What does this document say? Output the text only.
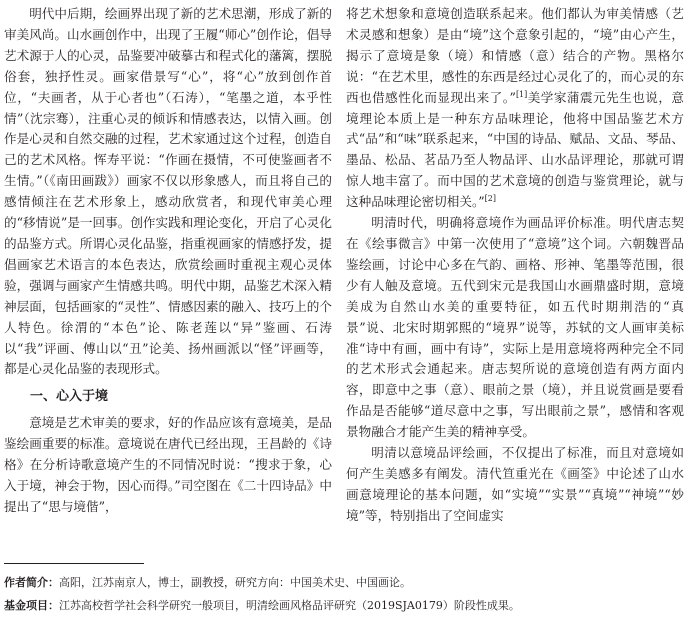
明代中后期，绘画界出现了新的艺术思潮，形成了新的审美风尚。山水画创作中，出现了王履“师心”创作论，倡导艺术源于人的心灵，品鉴要冲破摹古和程式化的藩篱，摆脱俗套，独抒性灵。画家借景写“心”，将“心”放到创作首位，“夫画者，从于心者也”（石涛），“笔墨之道，本乎性情”（沈宗骞），注重心灵的倾诉和情感表达，以情入画。创作是心灵和自然交融的过程，艺术家通过这个过程，创造自己的艺术风格。恽寿平说：“作画在摄情，不可使鉴画者不生情。”（《南田画跋》）画家不仅以形象感人，而且将自己的感情倾注在艺术形象上，感动欣赏者，和现代审美心理的“移情说”是一回事。创作实践和理论变化，开启了心灵化的品鉴方式。所谓心灵化品鉴，指重视画家的情感抒发，提倡画家艺术语言的本色表达，欣赏绘画时重视主观心灵体验，强调与画家产生情感共鸣。明代中期，品鉴艺术深入精神层面，包括画家的“灵性”、情感因素的融入、技巧上的个人特色。徐渭的“本色”论、陈老莲以“异”鉴画、石涛以“我”评画、傅山以“丑”论美、扬州画派以“怪”评画等，都是心灵化品鉴的表现形式。

一、心入于境

意境是艺术审美的要求，好的作品应该有意境美，是品鉴绘画重要的标准。意境说在唐代已经出现，王昌龄的《诗格》在分析诗歌意境产生的不同情况时说：“搜求于象，心入于境，神会于物，因心而得。”司空图在《二十四诗品》中提出了“思与境偕”，

将艺术想象和意境创造联系起来。他们都认为审美情感（艺术灵感和想象）是由“境”这个意象引起的，“境”由心产生，揭示了意境是象（境）和情感（意）结合的产物。黑格尔说：“在艺术里，感性的东西是经过心灵化了的，而心灵的东西也借感性化而显现出来了。”[1]美学家蒲震元先生也说，意境理论本质上是一种东方品味理论，他将中国品鉴艺术方式“品”和“味”联系起来，“中国的诗品、赋品、文品、琴品、墨品、松品、茗品乃至人物品评、山水品评理论，那就可谓惊人地丰富了。而中国的艺术意境的创造与鉴赏理论，就与这种品味理论密切相关。”[2]

明清时代，明确将意境作为画品评价标准。明代唐志契在《绘事微言》中第一次使用了“意境”这个词。六朝魏晋品鉴绘画，讨论中心多在气韵、画格、形神、笔墨等范围，很少有人触及意境。五代到宋元是我国山水画鼎盛时期，意境美成为自然山水美的重要特征，如五代时期荆浩的“真景”说、北宋时期郭熙的“境界”说等，苏轼的文人画审美标准“诗中有画，画中有诗”，实际上是用意境将两种完全不同的艺术形式会通起来。唐志契所说的意境创造有两方面内容，即意中之事（意）、眼前之景（境），并且说赏画是要看作品是否能够“道尽意中之事，写出眼前之景”，感情和客观景物融合才能产生美的精神享受。

明清以意境品评绘画，不仅提出了标准，而且对意境如何产生美感多有阐发。清代笪重光在《画筌》中论述了山水画意境理论的基本问题，如“实境”“实景”“真境”“神境”“妙境”等，特别指出了空间虚实

作者简介：高阳，江苏南京人，博士，副教授，研究方向：中国美术史、中国画论。
基金项目：江苏高校哲学社会科学研究一般项目，明清绘画风格品评研究（2019SJA0179）阶段性成果。
